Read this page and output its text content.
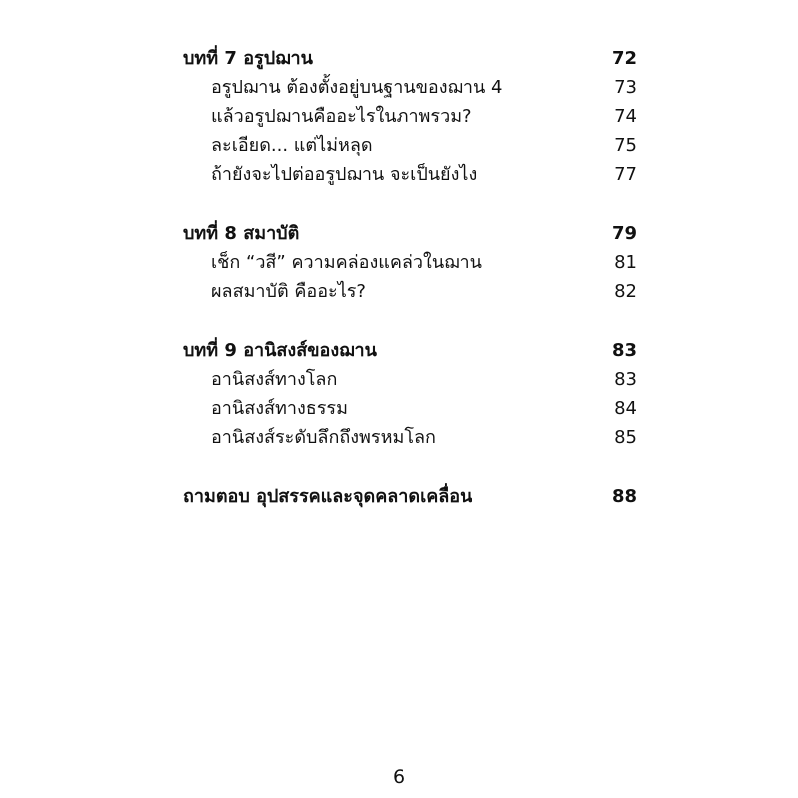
บทที่ 7 อรูปฌาน	72
อรูปฌาน ต้องตั้งอยู่บนฐานของฌาน 4	73
แล้วอรูปฌานคืออะไรในภาพรวม?	74
ละเอียด... แต่ไม่หลุด	75
ถ้ายังจะไปต่ออรูปฌาน จะเป็นยังไง	77
บทที่ 8 สมาบัติ	79
เช็ก “วสี” ความคล่องแคล่วในฌาน	81
ผลสมาบัติ คืออะไร?	82
บทที่ 9 อานิสงส์ของฌาน	83
อานิสงส์ทางโลก	83
อานิสงส์ทางธรรม	84
อานิสงส์ระดับลึกถึงพรหมโลก	85
ถามตอบ อุปสรรคและจุดคลาดเคลื่อน	88
6
